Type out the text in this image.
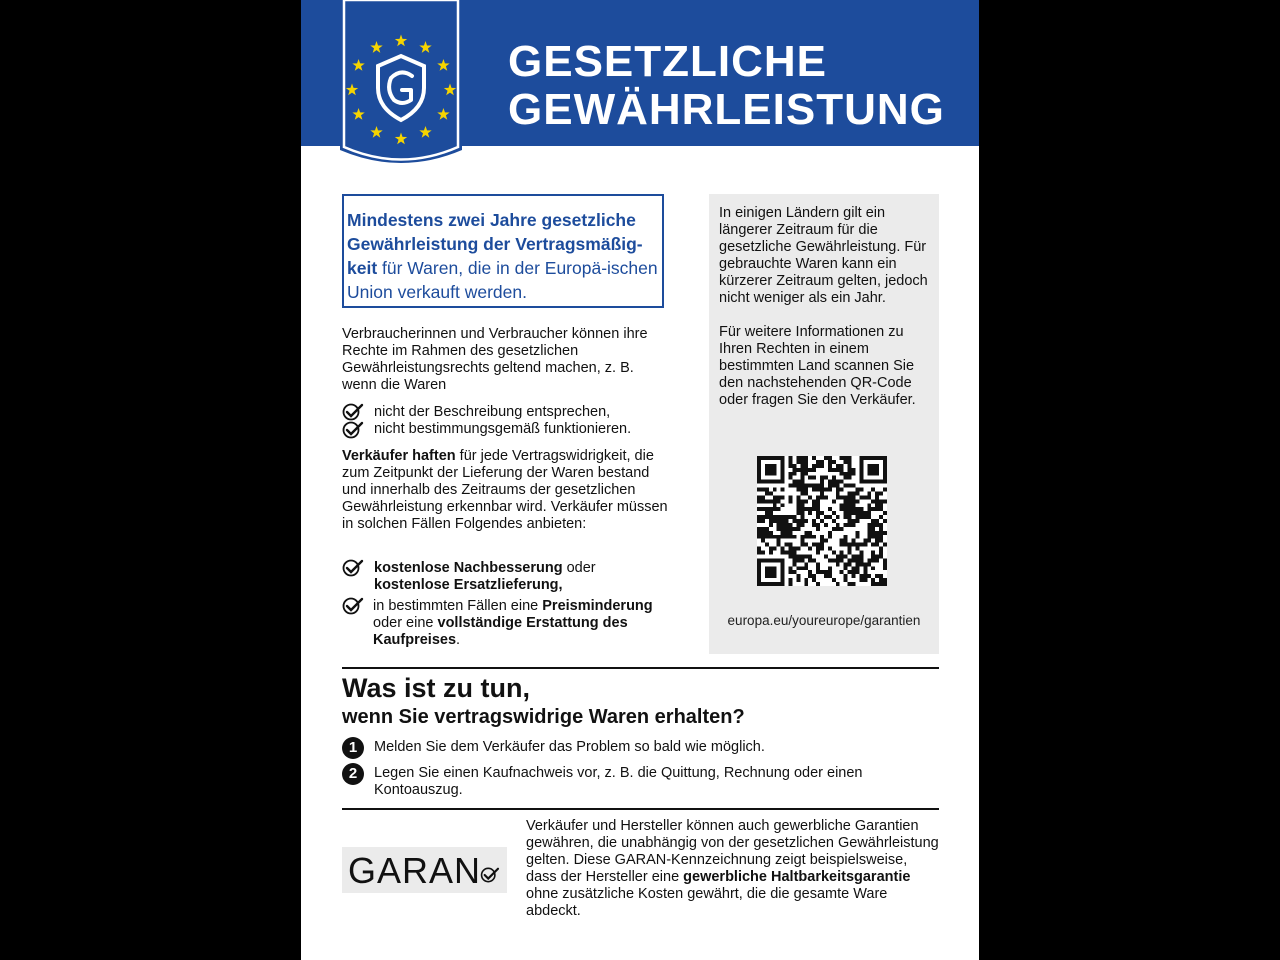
GESETZLICHE
GEWÄHRLEISTUNG
Mindestens zwei Jahre gesetzliche Gewährleistung der Vertragsmäßig-keit für Waren, die in der Europä-ischen Union verkauft werden.
Verbraucherinnen und Verbraucher können ihre Rechte im Rahmen des gesetzlichen Gewährleistungsrechts geltend machen, z. B. wenn die Waren
nicht der Beschreibung entsprechen,
nicht bestimmungsgemäß funktionieren.
Verkäufer haften für jede Vertragswidrigkeit, die zum Zeitpunkt der Lieferung der Waren bestand und innerhalb des Zeitraums der gesetzlichen Gewährleistung erkennbar wird. Verkäufer müssen in solchen Fällen Folgendes anbieten:
kostenlose Nachbesserung oder
kostenlose Ersatzlieferung,
in bestimmten Fällen eine Preisminderung
oder eine vollständige Erstattung des
Kaufpreises.

In einigen Ländern gilt ein längerer Zeitraum für die gesetzliche Gewährleistung. Für gebrauchte Waren kann ein kürzerer Zeitraum gelten, jedoch nicht weniger als ein Jahr.

Für weitere Informationen zu Ihren Rechten in einem bestimmten Land scannen Sie den nachstehenden QR-Code oder fragen Sie den Verkäufer.

europa.eu/youreurope/garantien
Was ist zu tun,
wenn Sie vertragswidrige Waren erhalten?
1	Melden Sie dem Verkäufer das Problem so bald wie möglich.
2	Legen Sie einen Kaufnachweis vor, z. B. die Quittung, Rechnung oder einen Kontoauszug.
GARAN
Verkäufer und Hersteller können auch gewerbliche Garantien gewähren, die unabhängig von der gesetzlichen Gewährleistung gelten. Diese GARAN-Kennzeichnung zeigt beispielsweise, dass der Hersteller eine gewerbliche Haltbarkeitsgarantie ohne zusätzliche Kosten gewährt, die die gesamte Ware abdeckt.
